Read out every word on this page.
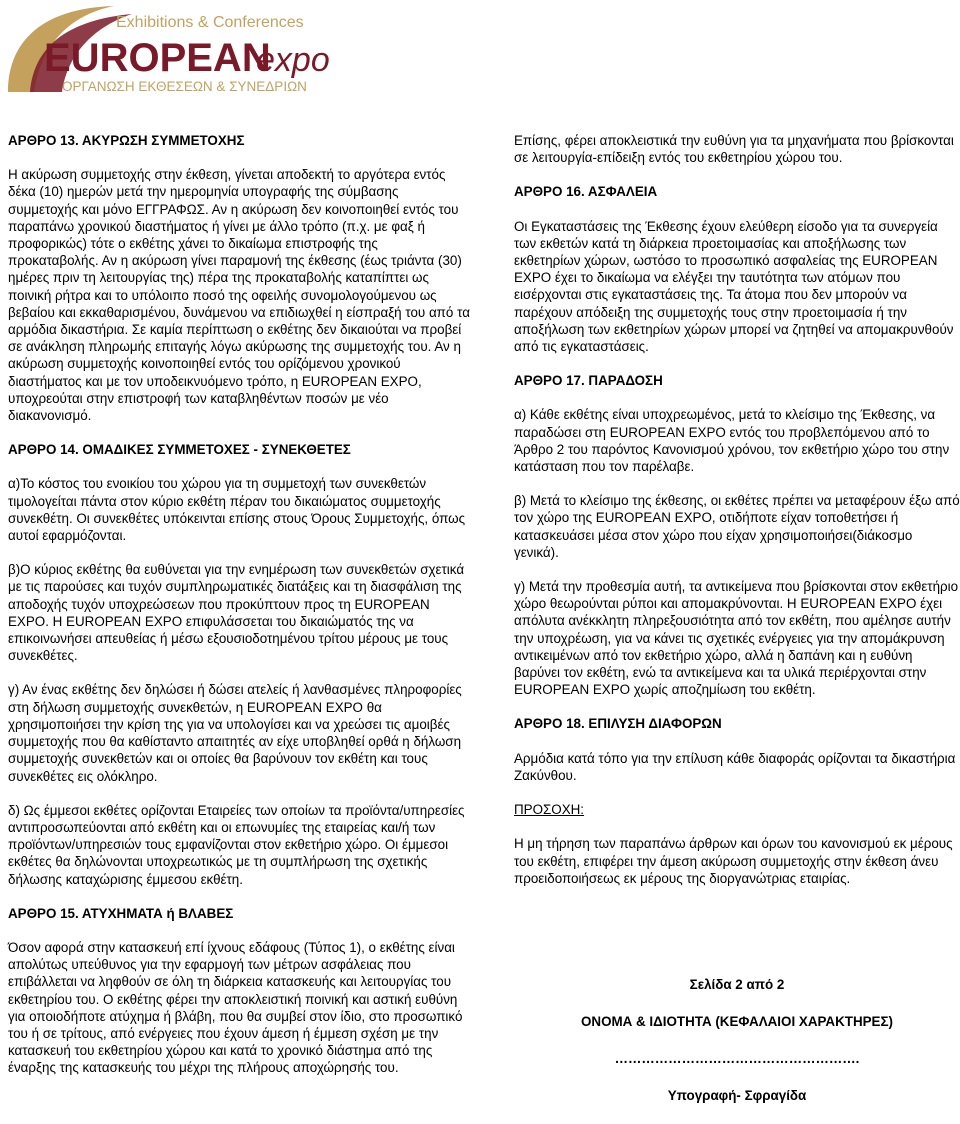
Exhibitions & Conferences
EUROPEAN
expo
ΟΡΓΑΝΩΣΗ ΕΚΘΕΣΕΩΝ & ΣΥΝΕΔΡΙΩΝ
ΑΡΘΡΟ 13. ΑΚΥΡΩΣΗ ΣΥΜΜΕΤΟΧΗΣ

Η ακύρωση συμμετοχής στην έκθεση, γίνεται αποδεκτή το αργότερα εντός δέκα (10) ημερών μετά την ημερομηνία υπογραφής της σύμβασης συμμετοχής και μόνο ΕΓΓΡΑΦΩΣ. Αν η ακύρωση δεν κοινοποιηθεί εντός του παραπάνω χρονικού διαστήματος ή γίνει με άλλο τρόπο (π.χ. με φαξ ή προφορικώς) τότε ο εκθέτης χάνει το δικαίωμα επιστροφής της προκαταβολής. Αν η ακύρωση γίνει παραμονή της έκθεσης (έως τριάντα (30) ημέρες πριν τη λειτουργίας της) πέρα της προκαταβολής καταπίπτει ως ποινική ρήτρα και το υπόλοιπο ποσό της οφειλής συνομολογούμενου ως βεβαίου και εκκαθαρισμένου, δυνάμενου να επιδιωχθεί η είσπραξή του από τα αρμόδια δικαστήρια. Σε καμία περίπτωση ο εκθέτης δεν δικαιούται να προβεί σε ανάκληση πληρωμής επιταγής λόγω ακύρωσης της συμμετοχής του. Αν η ακύρωση συμμετοχής κοινοποιηθεί εντός του ορίζόμενου χρονικού διαστήματος και με τον υποδεικνυόμενο τρόπο, η EUROPEAN EXPO, υποχρεούται στην επιστροφή των καταβληθέντων ποσών με νέο διακανονισμό.

ΑΡΘΡΟ 14. ΟΜΑΔΙΚΕΣ ΣΥΜΜΕΤΟΧΕΣ - ΣΥΝΕΚΘΕΤΕΣ

α)Το κόστος του ενοικίου του χώρου για τη συμμετοχή των συνεκθετών τιμολογείται πάντα στον κύριο εκθέτη πέραν του δικαιώματος συμμετοχής συνεκθέτη. Οι συνεκθέτες υπόκεινται επίσης στους Όρους Συμμετοχής, όπως αυτοί εφαρμόζονται.

β)Ο κύριος εκθέτης θα ευθύνεται για την ενημέρωση των συνεκθετών σχετικά με τις παρούσες και τυχόν συμπληρωματικές διατάξεις και τη διασφάλιση της αποδοχής τυχόν υποχρεώσεων που προκύπτουν προς τη EUROPEAN EXPO. Η EUROPEAN EXPO επιφυλάσσεται του δικαιώματός της να επικοινωνήσει απευθείας ή μέσω εξουσιοδοτημένου τρίτου μέρους με τους συνεκθέτες.

γ) Αν ένας εκθέτης δεν δηλώσει ή δώσει ατελείς ή λανθασμένες πληροφορίες στη δήλωση συμμετοχής συνεκθετών, η EUROPEAN EXPO θα χρησιμοποιήσει την κρίση της για να υπολογίσει και να χρεώσει τις αμοιβές συμμετοχής που θα καθίσταντο απαιτητές αν είχε υποβληθεί ορθά η δήλωση συμμετοχής συνεκθετών και οι οποίες θα βαρύνουν τον εκθέτη και τους συνεκθέτες εις ολόκληρο.

δ) Ως έμμεσοι εκθέτες ορίζονται Εταιρείες των οποίων τα προϊόντα/υπηρεσίες αντιπροσωπεύονται από εκθέτη και οι επωνυμίες της εταιρείας και/ή των προϊόντων/υπηρεσιών τους εμφανίζονται στον εκθετήριο χώρο. Οι έμμεσοι εκθέτες θα δηλώνονται υποχρεωτικώς με τη συμπλήρωση της σχετικής δήλωσης καταχώρισης έμμεσου εκθέτη.

ΑΡΘΡΟ 15. ΑΤΥΧΗΜΑΤΑ ή ΒΛΑΒΕΣ

Όσον αφορά στην κατασκευή επί ίχνους εδάφους (Τύπος 1), ο εκθέτης είναι απολύτως υπεύθυνος για την εφαρμογή των μέτρων ασφάλειας που επιβάλλεται να ληφθούν σε όλη τη διάρκεια κατασκευής και λειτουργίας του εκθετηρίου του. Ο εκθέτης φέρει την αποκλειστική ποινική και αστική ευθύνη για οποιοδήποτε ατύχημα ή βλάβη, που θα συμβεί στον ίδιο, στο προσωπικό του ή σε τρίτους, από ενέργειες που έχουν άμεση ή έμμεση σχέση με την κατασκευή του εκθετηρίου χώρου και κατά το χρονικό διάστημα από της έναρξης της κατασκευής του μέχρι της πλήρους αποχώρησής του.

Επίσης, φέρει αποκλειστικά την ευθύνη για τα μηχανήματα που βρίσκονται σε λειτουργία-επίδειξη εντός του εκθετηρίου χώρου του.

ΑΡΘΡΟ 16. ΑΣΦΑΛΕΙΑ

Οι Εγκαταστάσεις της Έκθεσης έχουν ελεύθερη είσοδο για τα συνεργεία των εκθετών κατά τη διάρκεια προετοιμασίας και αποξήλωσης των εκθετηρίων χώρων, ωστόσο το προσωπικό ασφαλείας της EUROPEAN EXPO έχει το δικαίωμα να ελέγξει την ταυτότητα των ατόμων που εισέρχονται στις εγκαταστάσεις της. Τα άτομα που δεν μπορούν να παρέχουν απόδειξη της συμμετοχής τους στην προετοιμασία ή την αποξήλωση των εκθετηρίων χώρων μπορεί να ζητηθεί να απομακρυνθούν από τις εγκαταστάσεις.

ΑΡΘΡΟ 17. ΠΑΡΑΔΟΣΗ

α) Κάθε εκθέτης είναι υποχρεωμένος, μετά το κλείσιμο της Έκθεσης, να παραδώσει στη EUROPEAN EXPO εντός του προβλεπόμενου από το Άρθρο 2 του παρόντος Κανονισμού χρόνου, τον εκθετήριο χώρο του στην κατάσταση που τον παρέλαβε.

β) Μετά το κλείσιμο της έκθεσης, οι εκθέτες πρέπει να μεταφέρουν έξω από τον χώρο της EUROPEAN EXPO, οτιδήποτε είχαν τοποθετήσει ή κατασκευάσει μέσα στον χώρο που είχαν χρησιμοποιήσει(διάκοσμο γενικά).

γ) Μετά την προθεσμία αυτή, τα αντικείμενα που βρίσκονται στον εκθετήριο χώρο θεωρούνται ρύποι και απομακρύνονται. Η EUROPEAN EXPO έχει απόλυτα ανέκκλητη πληρεξουσιότητα από τον εκθέτη, που αμέλησε αυτήν την υποχρέωση, για να κάνει τις σχετικές ενέργειες για την απομάκρυνση αντικειμένων από τον εκθετήριο χώρο, αλλά η δαπάνη και η ευθύνη βαρύνει τον εκθέτη, ενώ τα αντικείμενα και τα υλικά περιέρχονται στην EUROPEAN EXPO χωρίς αποζημίωση του εκθέτη.

ΑΡΘΡΟ 18. ΕΠΙΛΥΣΗ ΔΙΑΦΟΡΩΝ

Αρμόδια κατά τόπο για την επίλυση κάθε διαφοράς ορίζονται τα δικαστήρια Ζακύνθου.

ΠΡΟΣΟΧΗ:

Η μη τήρηση των παραπάνω άρθρων και όρων του κανονισμού εκ μέρους του εκθέτη, επιφέρει την άμεση ακύρωση συμμετοχής στην έκθεση άνευ προειδοποιήσεως εκ μέρους της διοργανώτριας εταιρίας.

Σελίδα 2 από 2
ΟΝΟΜΑ & ΙΔΙΟΤΗΤΑ (ΚΕΦΑΛΑΙΟΙ ΧΑΡΑΚΤΗΡΕΣ)
……………………………………………….
Υπογραφή- Σφραγίδα
